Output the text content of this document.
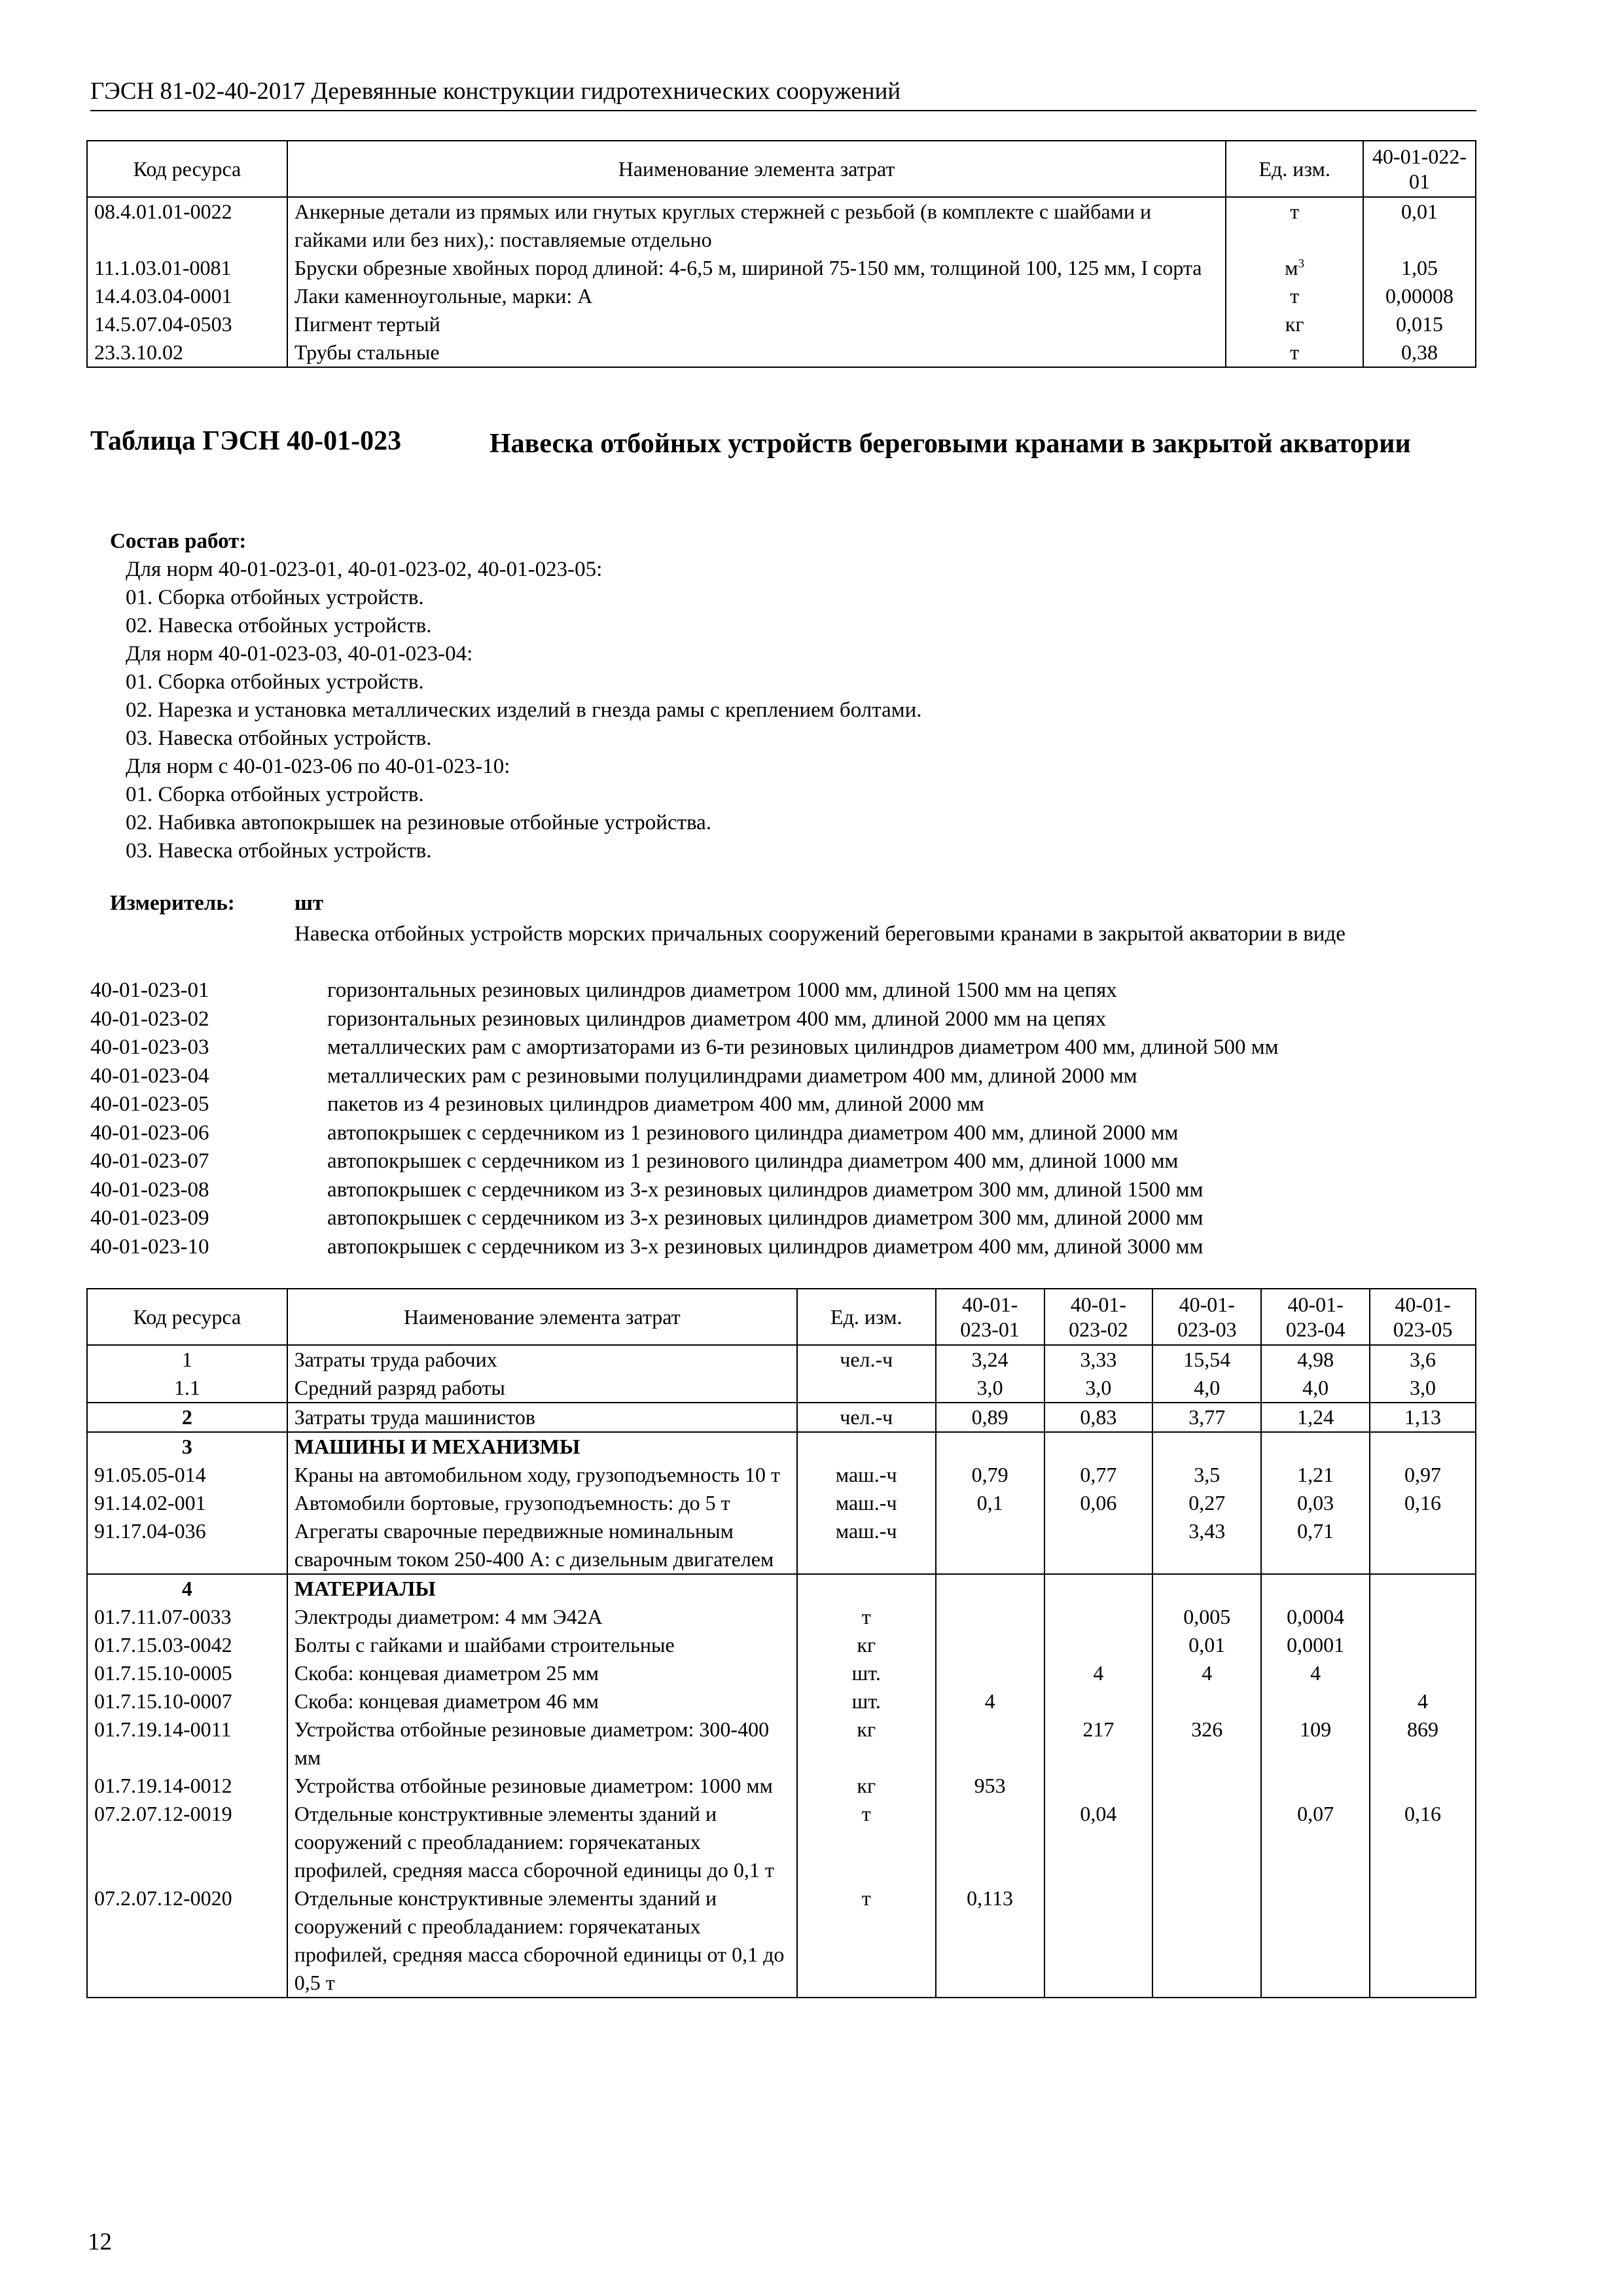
ГЭСН 81-02-40-2017 Деревянные конструкции гидротехнических сооружений
Код ресурса	Наименование элемента затрат	Ед. изм.	40-01-022-01
08.4.01.01-0022	Анкерные детали из прямых или гнутых круглых стержней с резьбой (в комплекте с шайбами и гайками или без них),: поставляемые отдельно	т	0,01
11.1.03.01-0081	Бруски обрезные хвойных пород длиной: 4-6,5 м, шириной 75-150 мм, толщиной 100, 125 мм, I сорта	$м^3$	1,05
14.4.03.04-0001	Лаки каменноугольные, марки: А	т	0,00008
14.5.07.04-0503	Пигмент тертый	кг	0,015
23.3.10.02	Трубы стальные	т	0,38
Таблица ГЭСН 40-01-023	Навеска отбойных устройств береговыми кранами в закрытой акватории
Состав работ:
Для норм 40-01-023-01, 40-01-023-02, 40-01-023-05:
01. Сборка отбойных устройств.
02. Навеска отбойных устройств.
Для норм 40-01-023-03, 40-01-023-04:
01. Сборка отбойных устройств.
02. Нарезка и установка металлических изделий в гнезда рамы с креплением болтами.
03. Навеска отбойных устройств.
Для норм с 40-01-023-06 по 40-01-023-10:
01. Сборка отбойных устройств.
02. Набивка автопокрышек на резиновые отбойные устройства.
03. Навеска отбойных устройств.
Измеритель:	шт
Навеска отбойных устройств морских причальных сооружений береговыми кранами в закрытой акватории в виде
40-01-023-01	горизонтальных резиновых цилиндров диаметром 1000 мм, длиной 1500 мм на цепях
40-01-023-02	горизонтальных резиновых цилиндров диаметром 400 мм, длиной 2000 мм на цепях
40-01-023-03	металлических рам с амортизаторами из 6-ти резиновых цилиндров диаметром 400 мм, длиной 500 мм
40-01-023-04	металлических рам с резиновыми полуцилиндрами диаметром 400 мм, длиной 2000 мм
40-01-023-05	пакетов из 4 резиновых цилиндров диаметром 400 мм, длиной 2000 мм
40-01-023-06	автопокрышек с сердечником из 1 резинового цилиндра диаметром 400 мм, длиной 2000 мм
40-01-023-07	автопокрышек с сердечником из 1 резинового цилиндра диаметром 400 мм, длиной 1000 мм
40-01-023-08	автопокрышек с сердечником из 3-х резиновых цилиндров диаметром 300 мм, длиной 1500 мм
40-01-023-09	автопокрышек с сердечником из 3-х резиновых цилиндров диаметром 300 мм, длиной 2000 мм
40-01-023-10	автопокрышек с сердечником из 3-х резиновых цилиндров диаметром 400 мм, длиной 3000 мм
Код ресурса	Наименование элемента затрат	Ед. изм.	40-01-023-01	40-01-023-02	40-01-023-03	40-01-023-04	40-01-023-05
1	Затраты труда рабочих	чел.-ч	3,24	3,33	15,54	4,98	3,6
1.1	Средний разряд работы		3,0	3,0	4,0	4,0	3,0
2	Затраты труда машинистов	чел.-ч	0,89	0,83	3,77	1,24	1,13
3	МАШИНЫ И МЕХАНИЗМЫ						
91.05.05-014	Краны на автомобильном ходу, грузоподъемность 10 т	маш.-ч	0,79	0,77	3,5	1,21	0,97
91.14.02-001	Автомобили бортовые, грузоподъемность: до 5 т	маш.-ч	0,1	0,06	0,27	0,03	0,16
91.17.04-036	Агрегаты сварочные передвижные номинальным сварочным током 250-400 А: с дизельным двигателем	маш.-ч			3,43	0,71	
4	МАТЕРИАЛЫ						
01.7.11.07-0033	Электроды диаметром: 4 мм Э42А	т			0,005	0,0004	
01.7.15.03-0042	Болты с гайками и шайбами строительные	кг			0,01	0,0001	
01.7.15.10-0005	Скоба: концевая диаметром 25 мм	шт.		4	4	4	
01.7.15.10-0007	Скоба: концевая диаметром 46 мм	шт.	4				4
01.7.19.14-0011	Устройства отбойные резиновые диаметром: 300-400 мм	кг		217	326	109	869
01.7.19.14-0012	Устройства отбойные резиновые диаметром: 1000 мм	кг	953				
07.2.07.12-0019	Отдельные конструктивные элементы зданий и сооружений с преобладанием: горячекатаных профилей, средняя масса сборочной единицы до 0,1 т	т		0,04		0,07	0,16
07.2.07.12-0020	Отдельные конструктивные элементы зданий и сооружений с преобладанием: горячекатаных профилей, средняя масса сборочной единицы от 0,1 до 0,5 т	т	0,113				
12
